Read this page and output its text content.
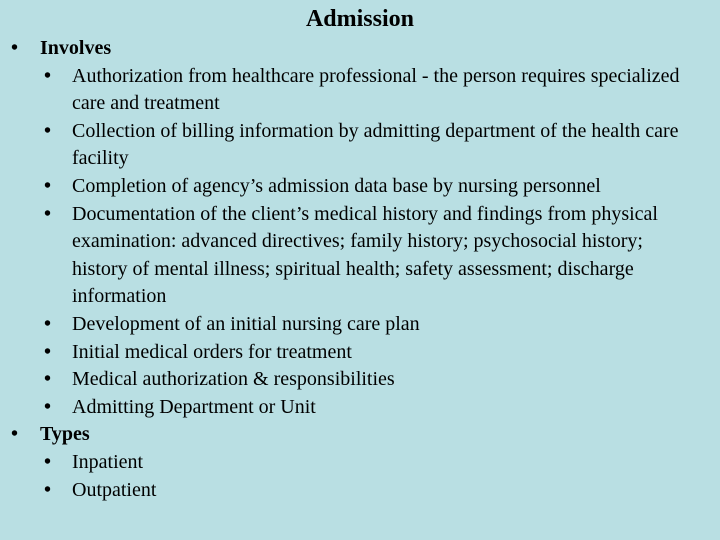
Admission
• Involves
• Authorization from healthcare professional - the person requires specialized care and treatment
• Collection of billing information by admitting department of the health care facility
• Completion of agency’s admission data base by nursing personnel
• Documentation of the client’s medical history and findings from physical examination: advanced directives; family history; psychosocial history; history of mental illness; spiritual health; safety assessment; discharge information
• Development of an initial nursing care plan
• Initial medical orders for treatment
• Medical authorization & responsibilities
• Admitting Department or Unit
• Types
• Inpatient
• Outpatient
